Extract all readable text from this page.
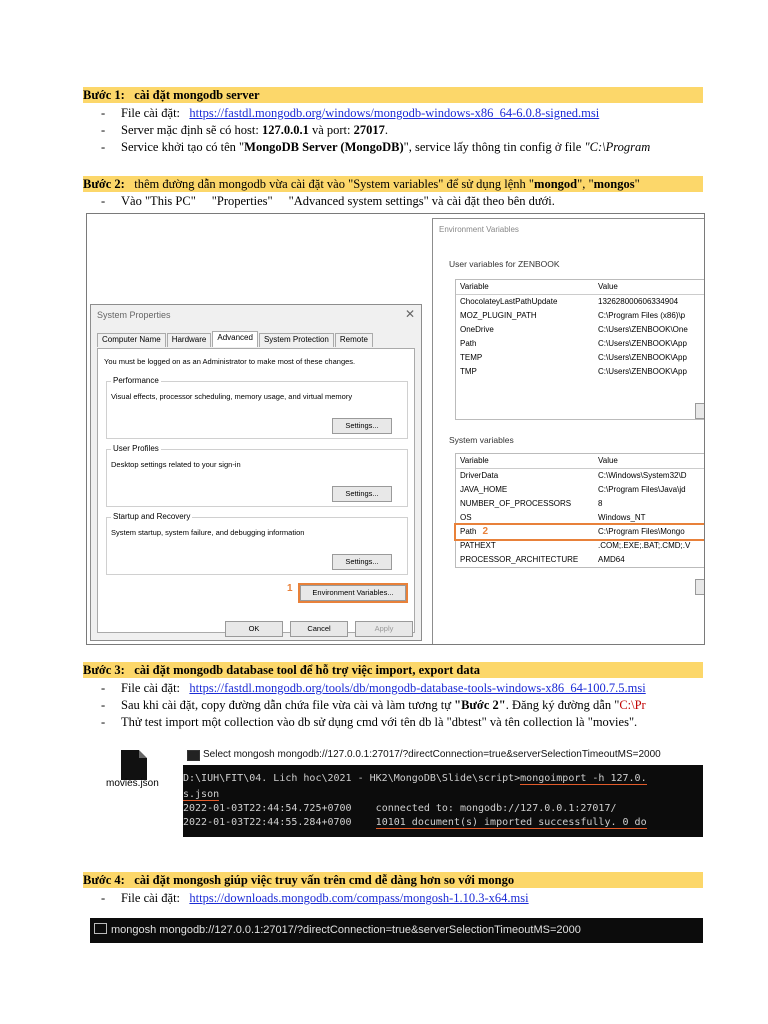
Bước 1: cài đặt mongodb server
- File cài đặt: https://fastdl.mongodb.org/windows/mongodb-windows-x86_64-6.0.8-signed.msi
- Server mặc định sẽ có host: 127.0.0.1 và port: 27017.
- Service khởi tạo có tên "MongoDB Server (MongoDB)", service lấy thông tin config ở file "C:\Program
Bước 2: thêm đường dẫn mongodb vừa cài đặt vào "System variables" để sử dụng lệnh "mongod", "mongos"
- Vào "This PC" ⃞ "Properties" ⃞ "Advanced system settings" và cài đặt theo bên dưới.
System Properties	✕
Computer Name	Hardware	Advanced	System Protection	Remote
You must be logged on as an Administrator to make most of these changes.
Performance
Visual effects, processor scheduling, memory usage, and virtual memory
Settings...
User Profiles
Desktop settings related to your sign-in
Settings...
Startup and Recovery
System startup, system failure, and debugging information
Settings...
1	Environment Variables...
OK	Cancel	Apply
Environment Variables
User variables for ZENBOOK
Variable	Value
ChocolateyLastPathUpdate	132628000606334904
MOZ_PLUGIN_PATH	C:\Program Files (x86)\p
OneDrive	C:\Users\ZENBOOK\One
Path	C:\Users\ZENBOOK\App
TEMP	C:\Users\ZENBOOK\App
TMP	C:\Users\ZENBOOK\App
System variables
Variable	Value
DriverData	C:\Windows\System32\D
JAVA_HOME	C:\Program Files\Java\jd
NUMBER_OF_PROCESSORS	8
OS	Windows_NT
Path 2	C:\Program Files\Mongo
PATHEXT	.COM;.EXE;.BAT;.CMD;.V
PROCESSOR_ARCHITECTURE	AMD64
Bước 3: cài đặt mongodb database tool để hỗ trợ việc import, export data
- File cài đặt: https://fastdl.mongodb.org/tools/db/mongodb-database-tools-windows-x86_64-100.7.5.msi
- Sau khi cài đặt, copy đường dẫn chứa file vừa cài và làm tương tự "Bước 2". Đăng ký đường dẫn "C:\Pr
- Thử test import một collection vào db sử dụng cmd với tên db là "dbtest" và tên collection là "movies".
movies.json
Select mongosh mongodb://127.0.0.1:27017/?directConnection=true&serverSelectionTimeoutMS=2000
D:\IUH\FIT\04. Lich hoc\2021 - HK2\MongoDB\Slide\script>mongoimport -h 127.0.
s.json
2022-01-03T22:44:54.725+0700 connected to: mongodb://127.0.0.1:27017/
2022-01-03T22:44:55.284+0700 10101 document(s) imported successfully. 0 do
Bước 4: cài đặt mongosh giúp việc truy vấn trên cmd dễ dàng hơn so với mongo
- File cài đặt: https://downloads.mongodb.com/compass/mongosh-1.10.3-x64.msi
mongosh mongodb://127.0.0.1:27017/?directConnection=true&serverSelectionTimeoutMS=2000
